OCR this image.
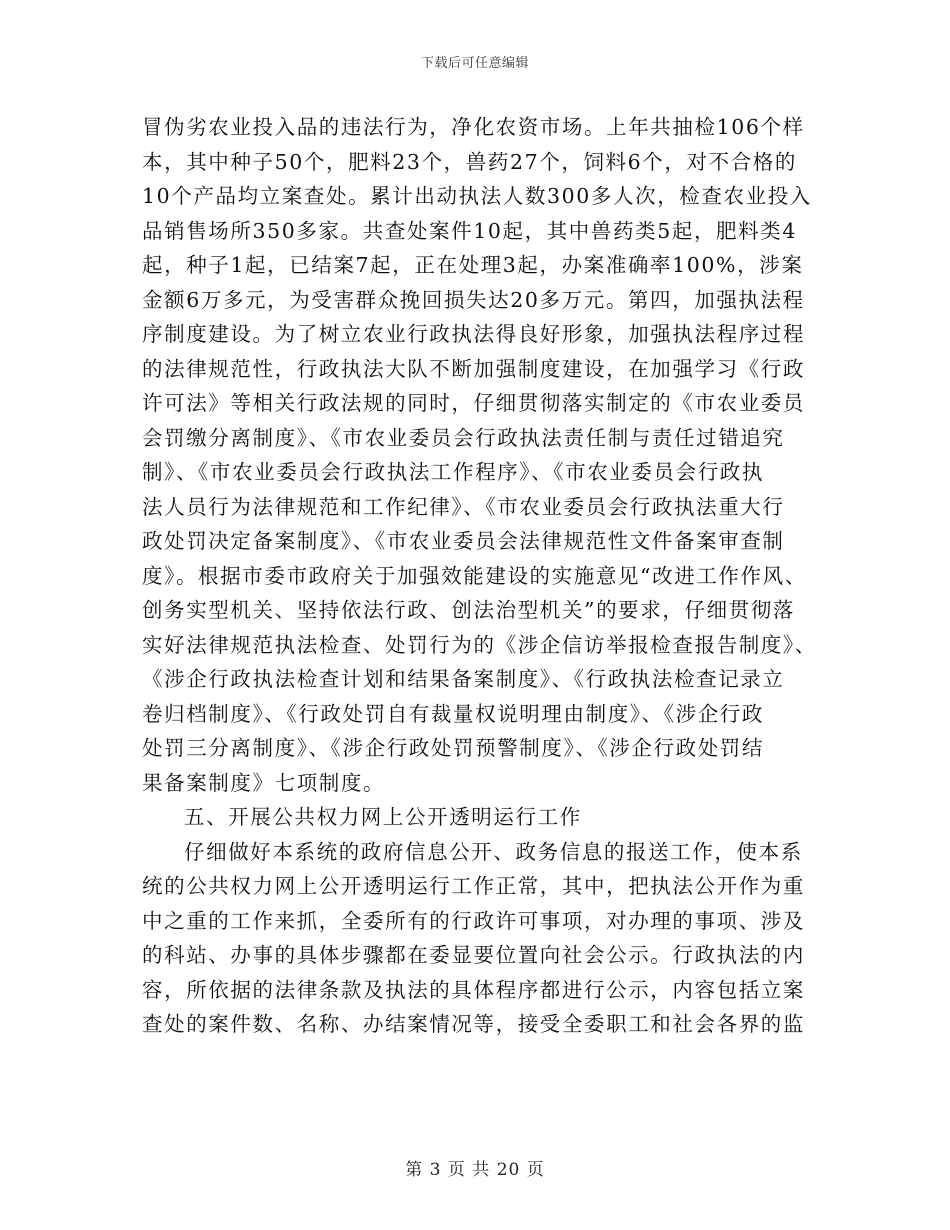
下载后可任意编辑
冒伪劣农业投入品的违法行为，净化农资市场。上年共抽检106个样
本，其中种子50个，肥料23个，兽药27个，饲料6个，对不合格的
10个产品均立案查处。累计出动执法人数300多人次，检查农业投入
品销售场所350多家。共查处案件10起，其中兽药类5起，肥料类4
起，种子1起，已结案7起，正在处理3起，办案准确率100%，涉案
金额6万多元，为受害群众挽回损失达20多万元。第四，加强执法程
序制度建设。为了树立农业行政执法得良好形象，加强执法程序过程
的法律规范性，行政执法大队不断加强制度建设，在加强学习《行政
许可法》等相关行政法规的同时，仔细贯彻落实制定的《市农业委员
会罚缴分离制度》、《市农业委员会行政执法责任制与责任过错追究
制》、《市农业委员会行政执法工作程序》、《市农业委员会行政执
法人员行为法律规范和工作纪律》、《市农业委员会行政执法重大行
政处罚决定备案制度》、《市农业委员会法律规范性文件备案审查制
度》。根据市委市政府关于加强效能建设的实施意见“改进工作作风、
创务实型机关、坚持依法行政、创法治型机关”的要求，仔细贯彻落
实好法律规范执法检查、处罚行为的《涉企信访举报检查报告制度》、
《涉企行政执法检查计划和结果备案制度》、《行政执法检查记录立
卷归档制度》、《行政处罚自有裁量权说明理由制度》、《涉企行政
处罚三分离制度》、《涉企行政处罚预警制度》、《涉企行政处罚结
果备案制度》七项制度。
五、开展公共权力网上公开透明运行工作
仔细做好本系统的政府信息公开、政务信息的报送工作，使本系
统的公共权力网上公开透明运行工作正常，其中，把执法公开作为重
中之重的工作来抓，全委所有的行政许可事项，对办理的事项、涉及
的科站、办事的具体步骤都在委显要位置向社会公示。行政执法的内
容，所依据的法律条款及执法的具体程序都进行公示，内容包括立案
查处的案件数、名称、办结案情况等，接受全委职工和社会各界的监
第 3 页 共 20 页
